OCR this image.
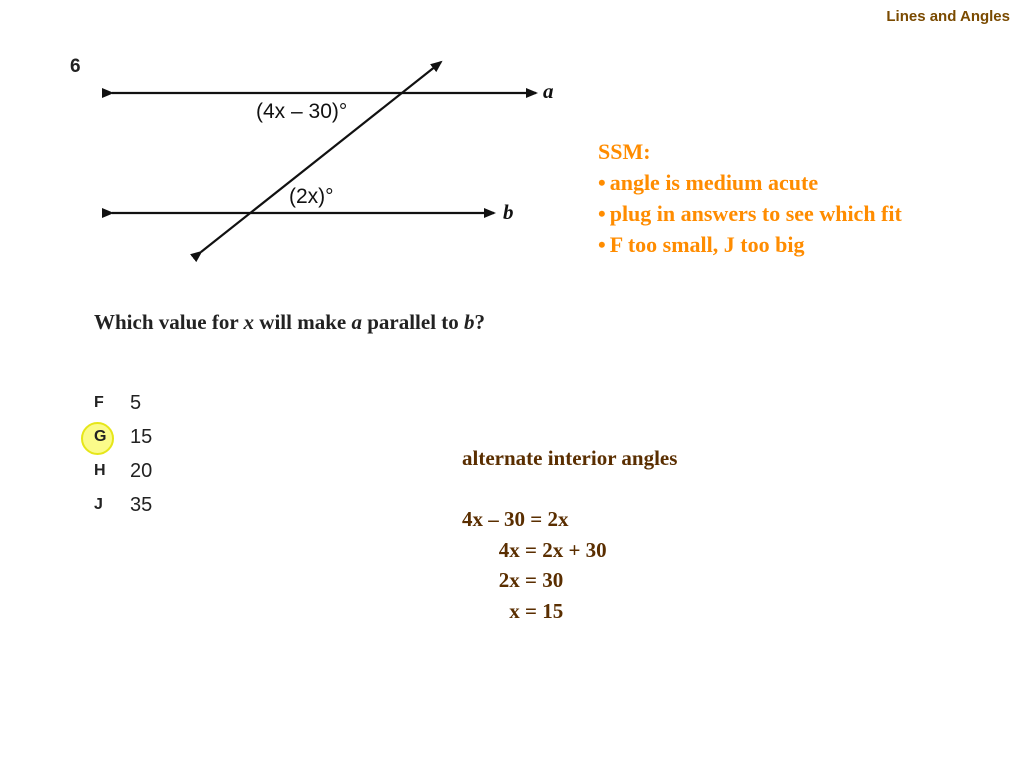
Lines and Angles
6
a
b
(4x – 30)°
(2x)°
SSM:
• angle is medium acute
• plug in answers to see which fit
• F too small, J too big
Which value for x will make a parallel to b?
F	5
G	15
H	20
J	35
alternate interior angles
4x – 30 = 2x
4x = 2x + 30
2x = 30
x = 15
